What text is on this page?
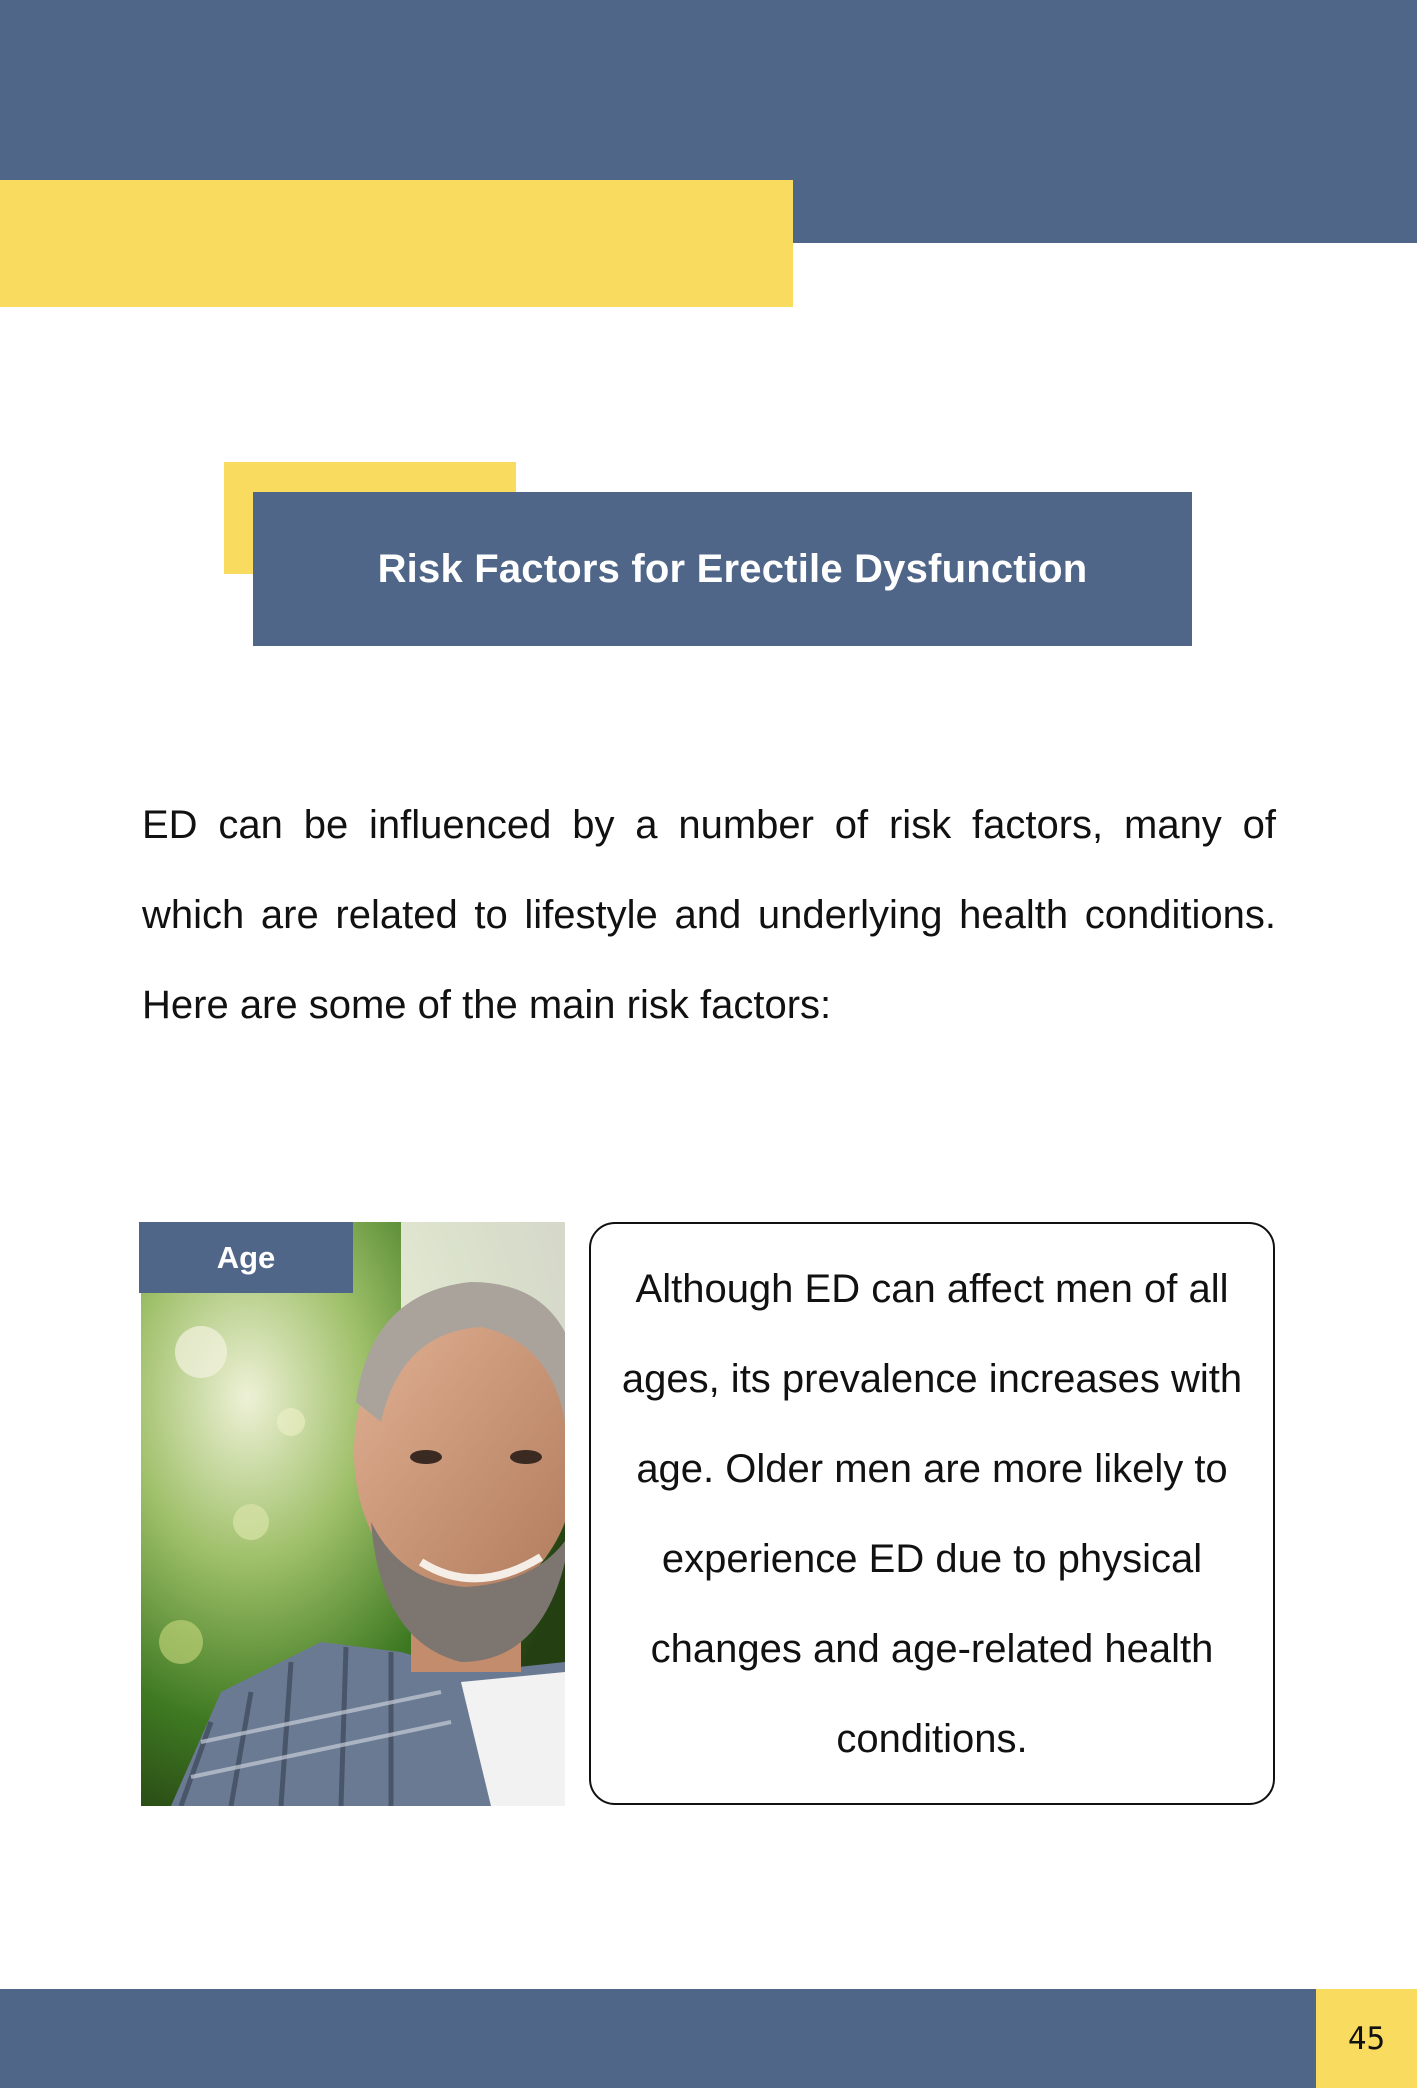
Risk Factors for Erectile Dysfunction

ED can be influenced by a number of risk factors, many of which are related to lifestyle and underlying health conditions. Here are some of the main risk factors:

Age

Although ED can affect men of all ages, its prevalence increases with age. Older men are more likely to experience ED due to physical changes and age-related health conditions.

45
